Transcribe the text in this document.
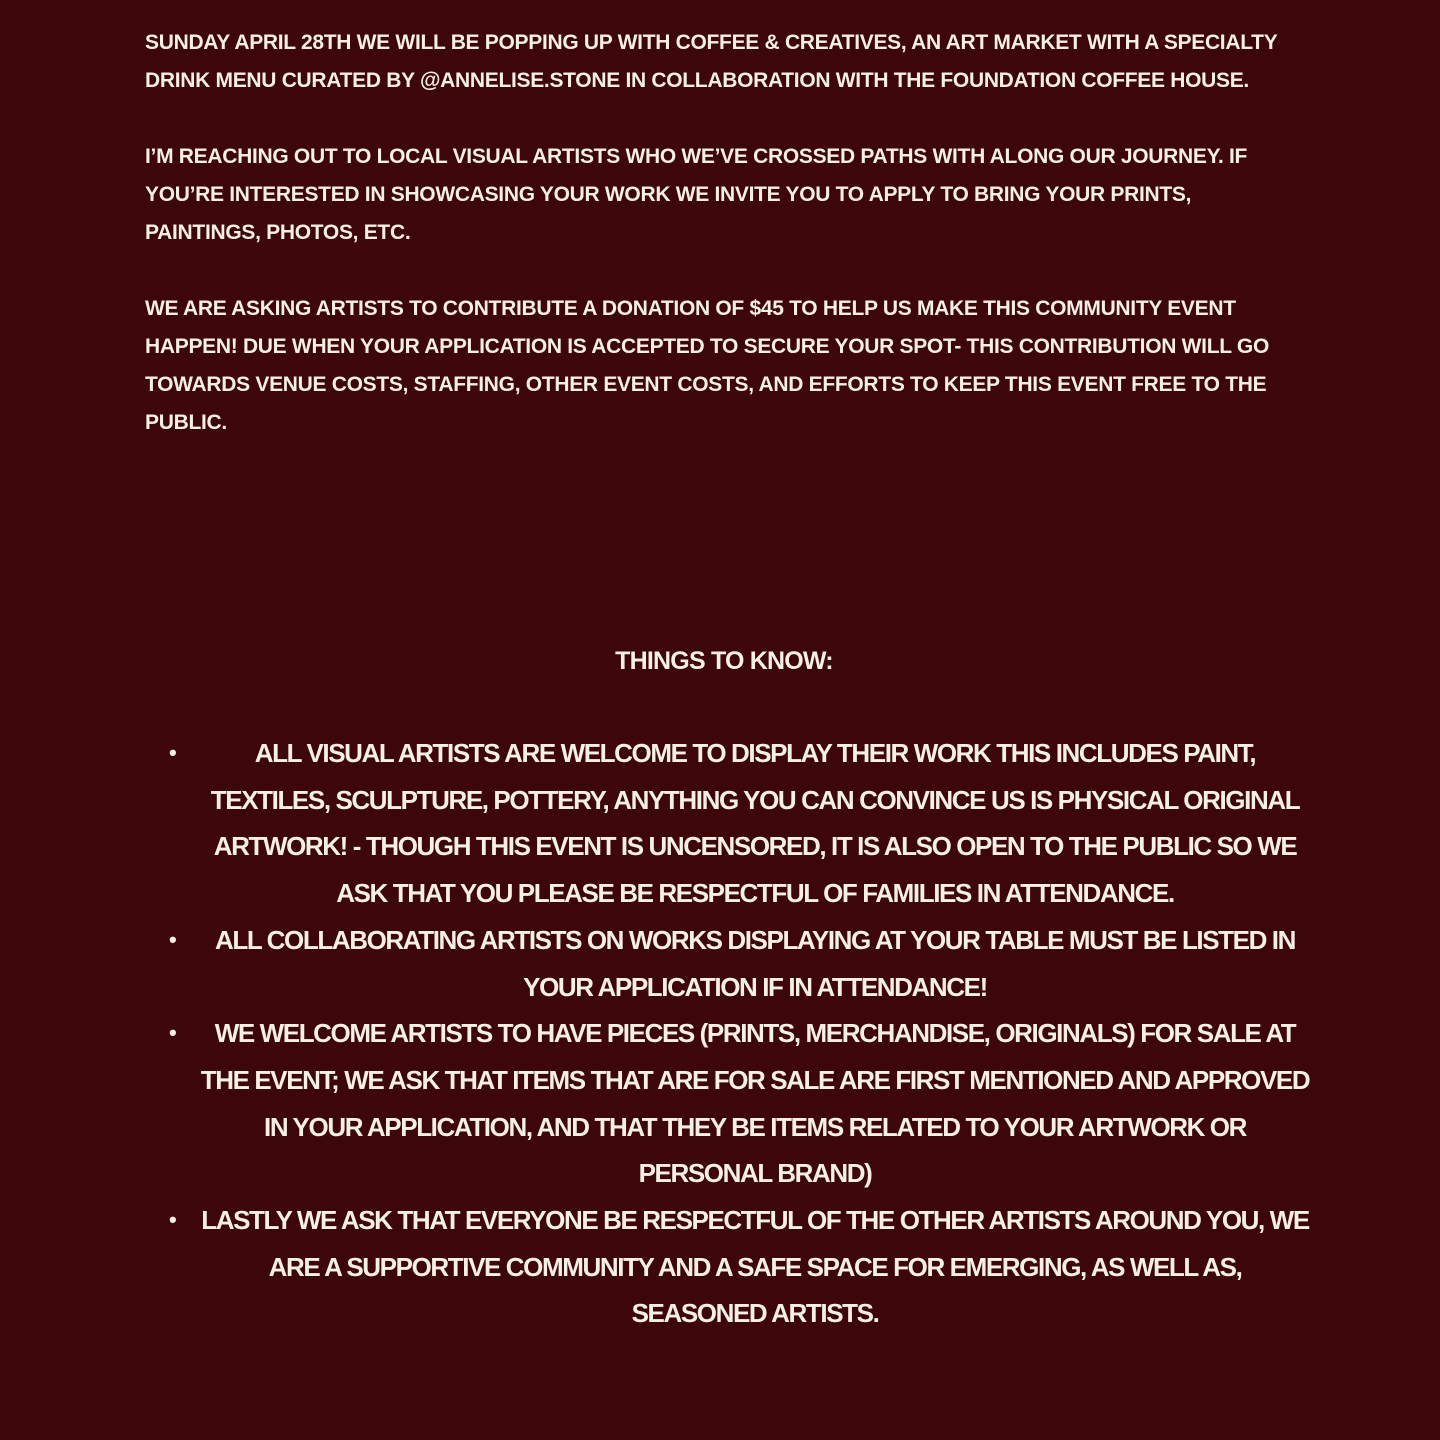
SUNDAY APRIL 28TH WE WILL BE POPPING UP WITH COFFEE & CREATIVES, AN ART MARKET WITH A SPECIALTY DRINK MENU CURATED BY @ANNELISE.STONE IN COLLABORATION WITH THE FOUNDATION COFFEE HOUSE.

I’M REACHING OUT TO LOCAL VISUAL ARTISTS WHO WE’VE CROSSED PATHS WITH ALONG OUR JOURNEY. IF YOU’RE INTERESTED IN SHOWCASING YOUR WORK WE INVITE YOU TO APPLY TO BRING YOUR PRINTS, PAINTINGS, PHOTOS, ETC.

WE ARE ASKING ARTISTS TO CONTRIBUTE A DONATION OF $45 TO HELP US MAKE THIS COMMUNITY EVENT HAPPEN! DUE WHEN YOUR APPLICATION IS ACCEPTED TO SECURE YOUR SPOT- THIS CONTRIBUTION WILL GO TOWARDS VENUE COSTS, STAFFING, OTHER EVENT COSTS, AND EFFORTS TO KEEP THIS EVENT FREE TO THE PUBLIC.

THINGS TO KNOW:
•	ALL VISUAL ARTISTS ARE WELCOME TO DISPLAY THEIR WORK THIS INCLUDES PAINT, TEXTILES, SCULPTURE, POTTERY, ANYTHING YOU CAN CONVINCE US IS PHYSICAL ORIGINAL ARTWORK! - THOUGH THIS EVENT IS UNCENSORED, IT IS ALSO OPEN TO THE PUBLIC SO WE ASK THAT YOU PLEASE BE RESPECTFUL OF FAMILIES IN ATTENDANCE.
• ALL COLLABORATING ARTISTS ON WORKS DISPLAYING AT YOUR TABLE MUST BE LISTED IN YOUR APPLICATION IF IN ATTENDANCE!
• WE WELCOME ARTISTS TO HAVE PIECES (PRINTS, MERCHANDISE, ORIGINALS) FOR SALE AT THE EVENT; WE ASK THAT ITEMS THAT ARE FOR SALE ARE FIRST MENTIONED AND APPROVED IN YOUR APPLICATION, AND THAT THEY BE ITEMS RELATED TO YOUR ARTWORK OR PERSONAL BRAND)
• LASTLY WE ASK THAT EVERYONE BE RESPECTFUL OF THE OTHER ARTISTS AROUND YOU, WE ARE A SUPPORTIVE COMMUNITY AND A SAFE SPACE FOR EMERGING, AS WELL AS, SEASONED ARTISTS.
